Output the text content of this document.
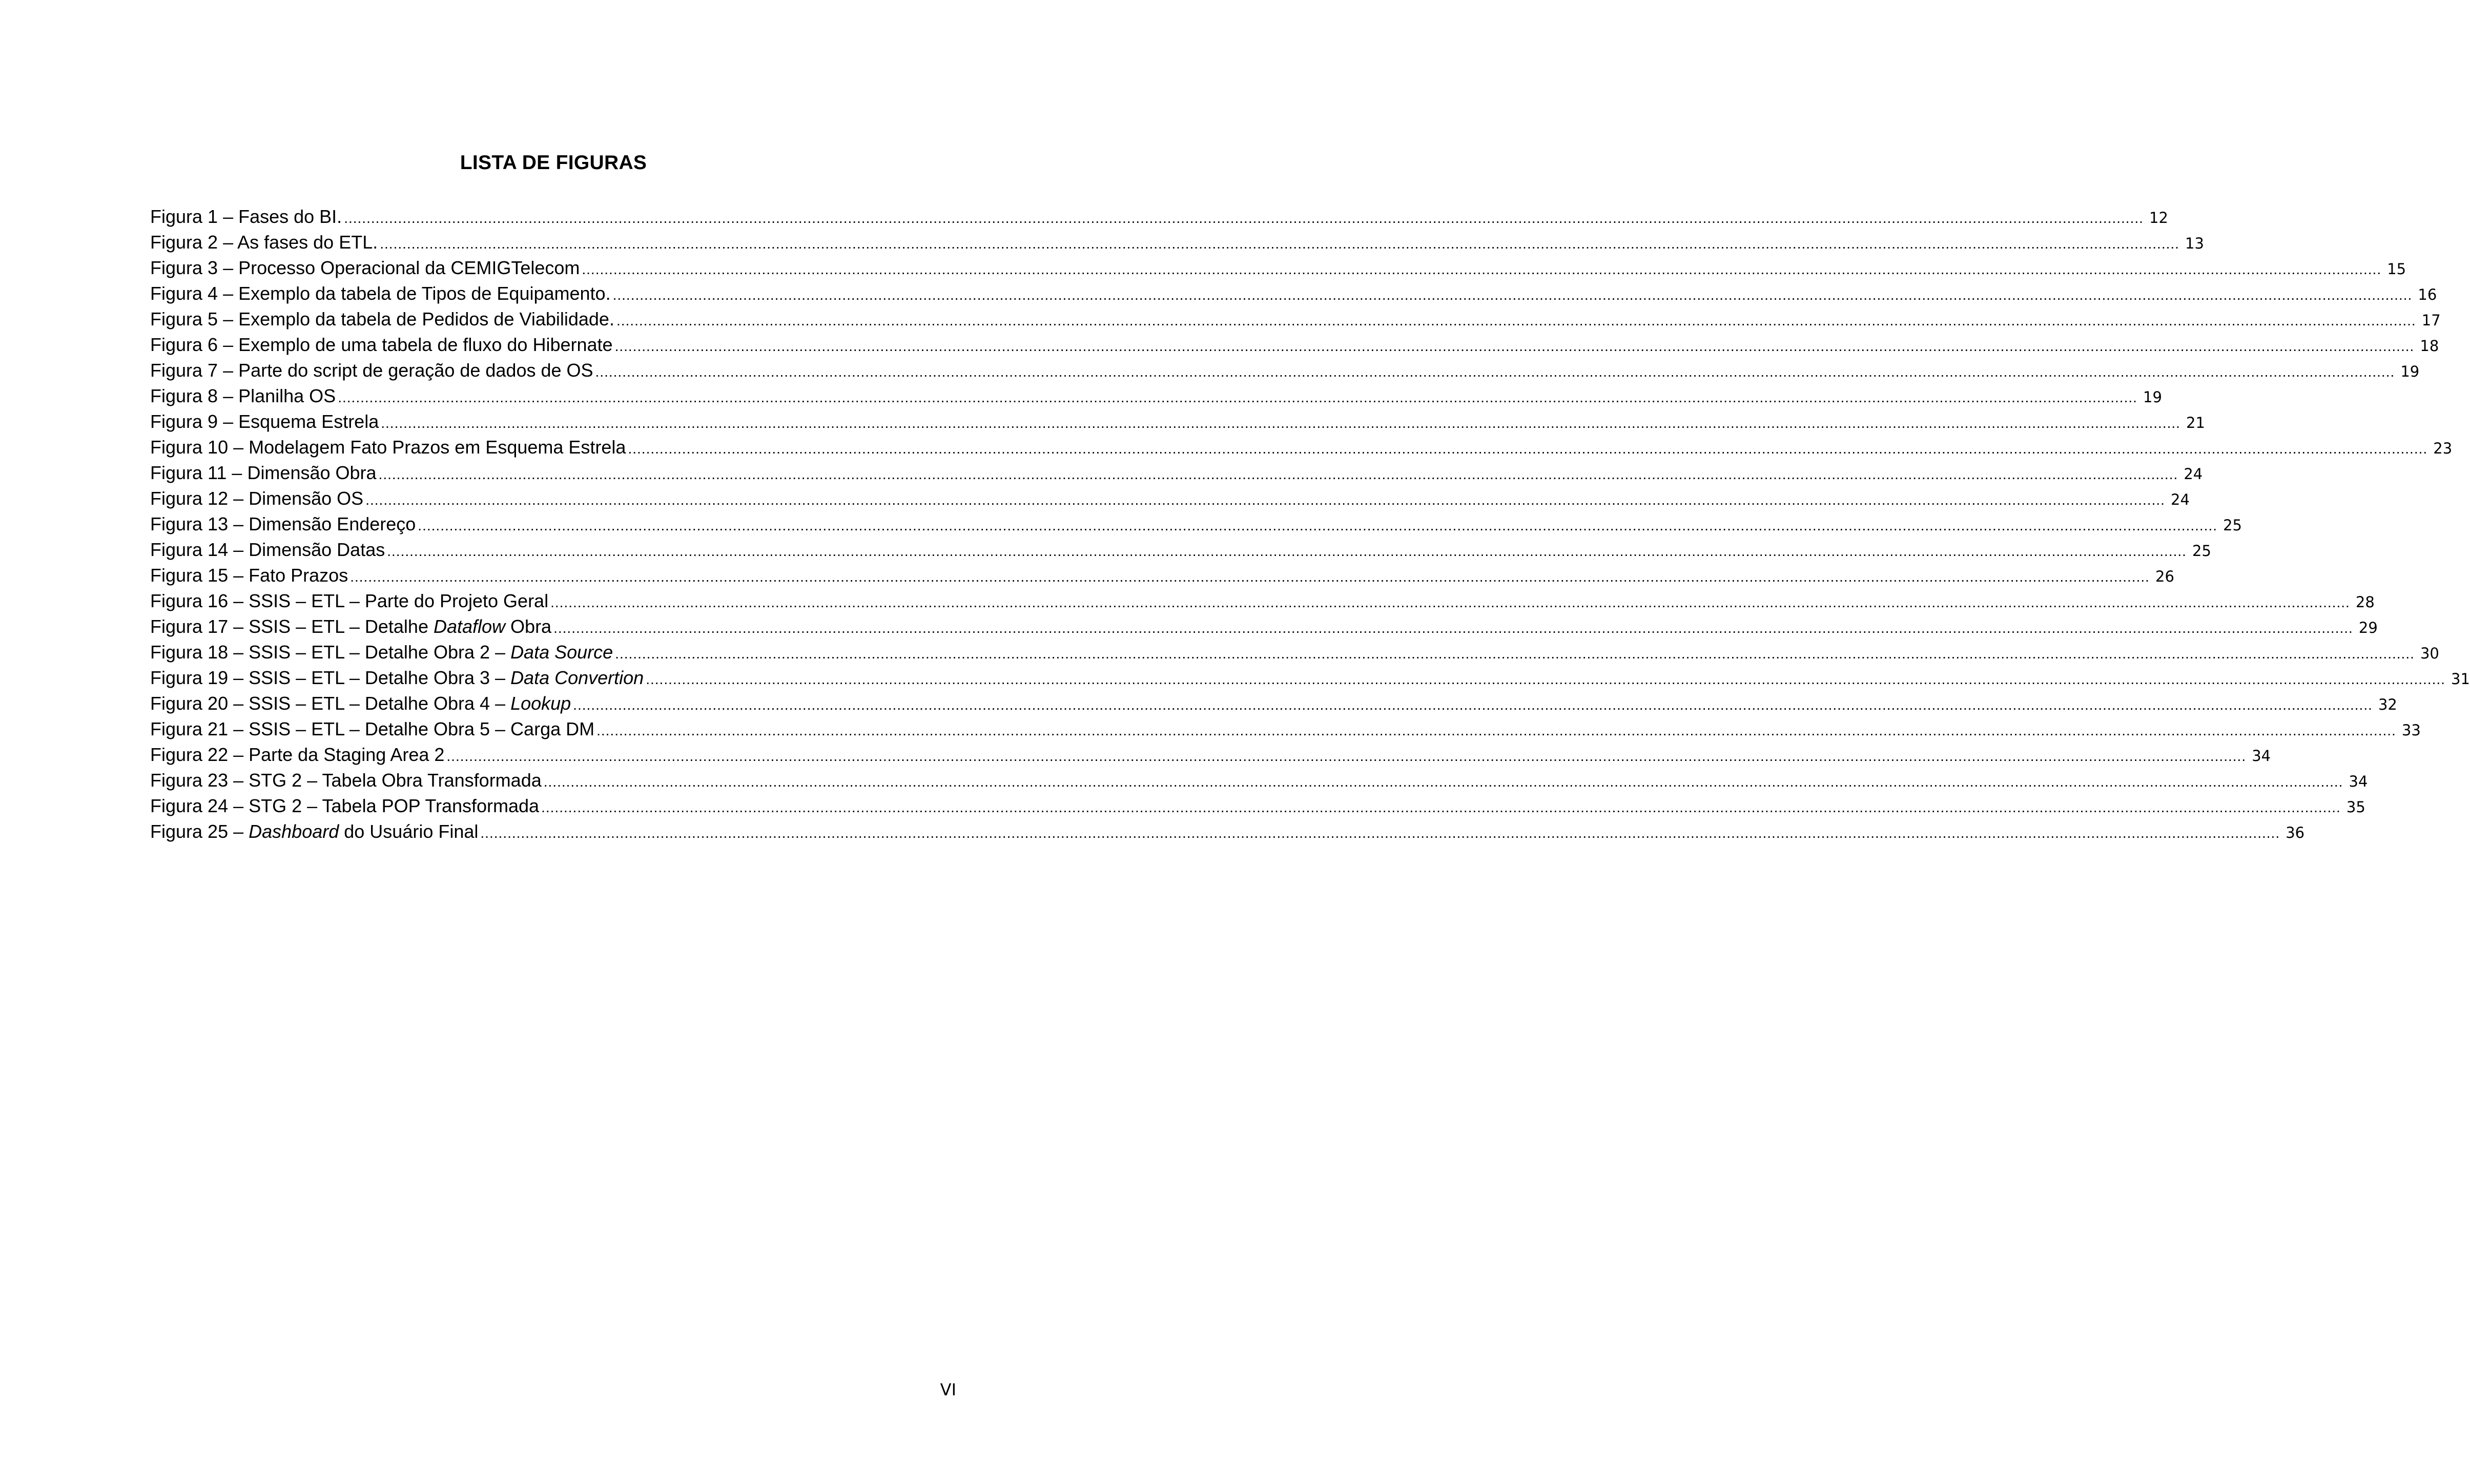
LISTA DE FIGURAS
Figura 1 – Fases do BI. ................................................................................................................................................................................................................................................................................................................................................................................................................ 12
Figura 2 – As fases do ETL. ................................................................................................................................................................................................................................................................................................................................................................................................................ 13
Figura 3 – Processo Operacional da CEMIGTelecom ................................................................................................................................................................................................................................................................................................................................................................................................................ 15
Figura 4 – Exemplo da tabela de Tipos de Equipamento. ................................................................................................................................................................................................................................................................................................................................................................................................................ 16
Figura 5 – Exemplo da tabela de Pedidos de Viabilidade. ................................................................................................................................................................................................................................................................................................................................................................................................................ 17
Figura 6 – Exemplo de uma tabela de fluxo do Hibernate ................................................................................................................................................................................................................................................................................................................................................................................................................ 18
Figura 7 – Parte do script de geração de dados de OS ................................................................................................................................................................................................................................................................................................................................................................................................................ 19
Figura 8 – Planilha OS ................................................................................................................................................................................................................................................................................................................................................................................................................ 19
Figura 9 – Esquema Estrela ................................................................................................................................................................................................................................................................................................................................................................................................................ 21
Figura 10 – Modelagem Fato Prazos em Esquema Estrela ................................................................................................................................................................................................................................................................................................................................................................................................................ 23
Figura 11 – Dimensão Obra ................................................................................................................................................................................................................................................................................................................................................................................................................ 24
Figura 12 – Dimensão OS ................................................................................................................................................................................................................................................................................................................................................................................................................ 24
Figura 13 – Dimensão Endereço ................................................................................................................................................................................................................................................................................................................................................................................................................ 25
Figura 14 – Dimensão Datas ................................................................................................................................................................................................................................................................................................................................................................................................................ 25
Figura 15 – Fato Prazos ................................................................................................................................................................................................................................................................................................................................................................................................................ 26
Figura 16 – SSIS – ETL – Parte do Projeto Geral ................................................................................................................................................................................................................................................................................................................................................................................................................ 28
Figura 17 – SSIS – ETL – Detalhe Dataflow Obra ................................................................................................................................................................................................................................................................................................................................................................................................................ 29
Figura 18 – SSIS – ETL – Detalhe Obra 2 – Data Source ................................................................................................................................................................................................................................................................................................................................................................................................................ 30
Figura 19 – SSIS – ETL – Detalhe Obra 3 – Data Convertion ................................................................................................................................................................................................................................................................................................................................................................................................................ 31
Figura 20 – SSIS – ETL – Detalhe Obra 4 – Lookup ................................................................................................................................................................................................................................................................................................................................................................................................................ 32
Figura 21 – SSIS – ETL – Detalhe Obra 5 – Carga DM ................................................................................................................................................................................................................................................................................................................................................................................................................ 33
Figura 22 – Parte da Staging Area 2 ................................................................................................................................................................................................................................................................................................................................................................................................................ 34
Figura 23 – STG 2 – Tabela Obra Transformada ................................................................................................................................................................................................................................................................................................................................................................................................................ 34
Figura 24 – STG 2 – Tabela POP Transformada ................................................................................................................................................................................................................................................................................................................................................................................................................ 35
Figura 25 – Dashboard do Usuário Final ................................................................................................................................................................................................................................................................................................................................................................................................................ 36
VI
